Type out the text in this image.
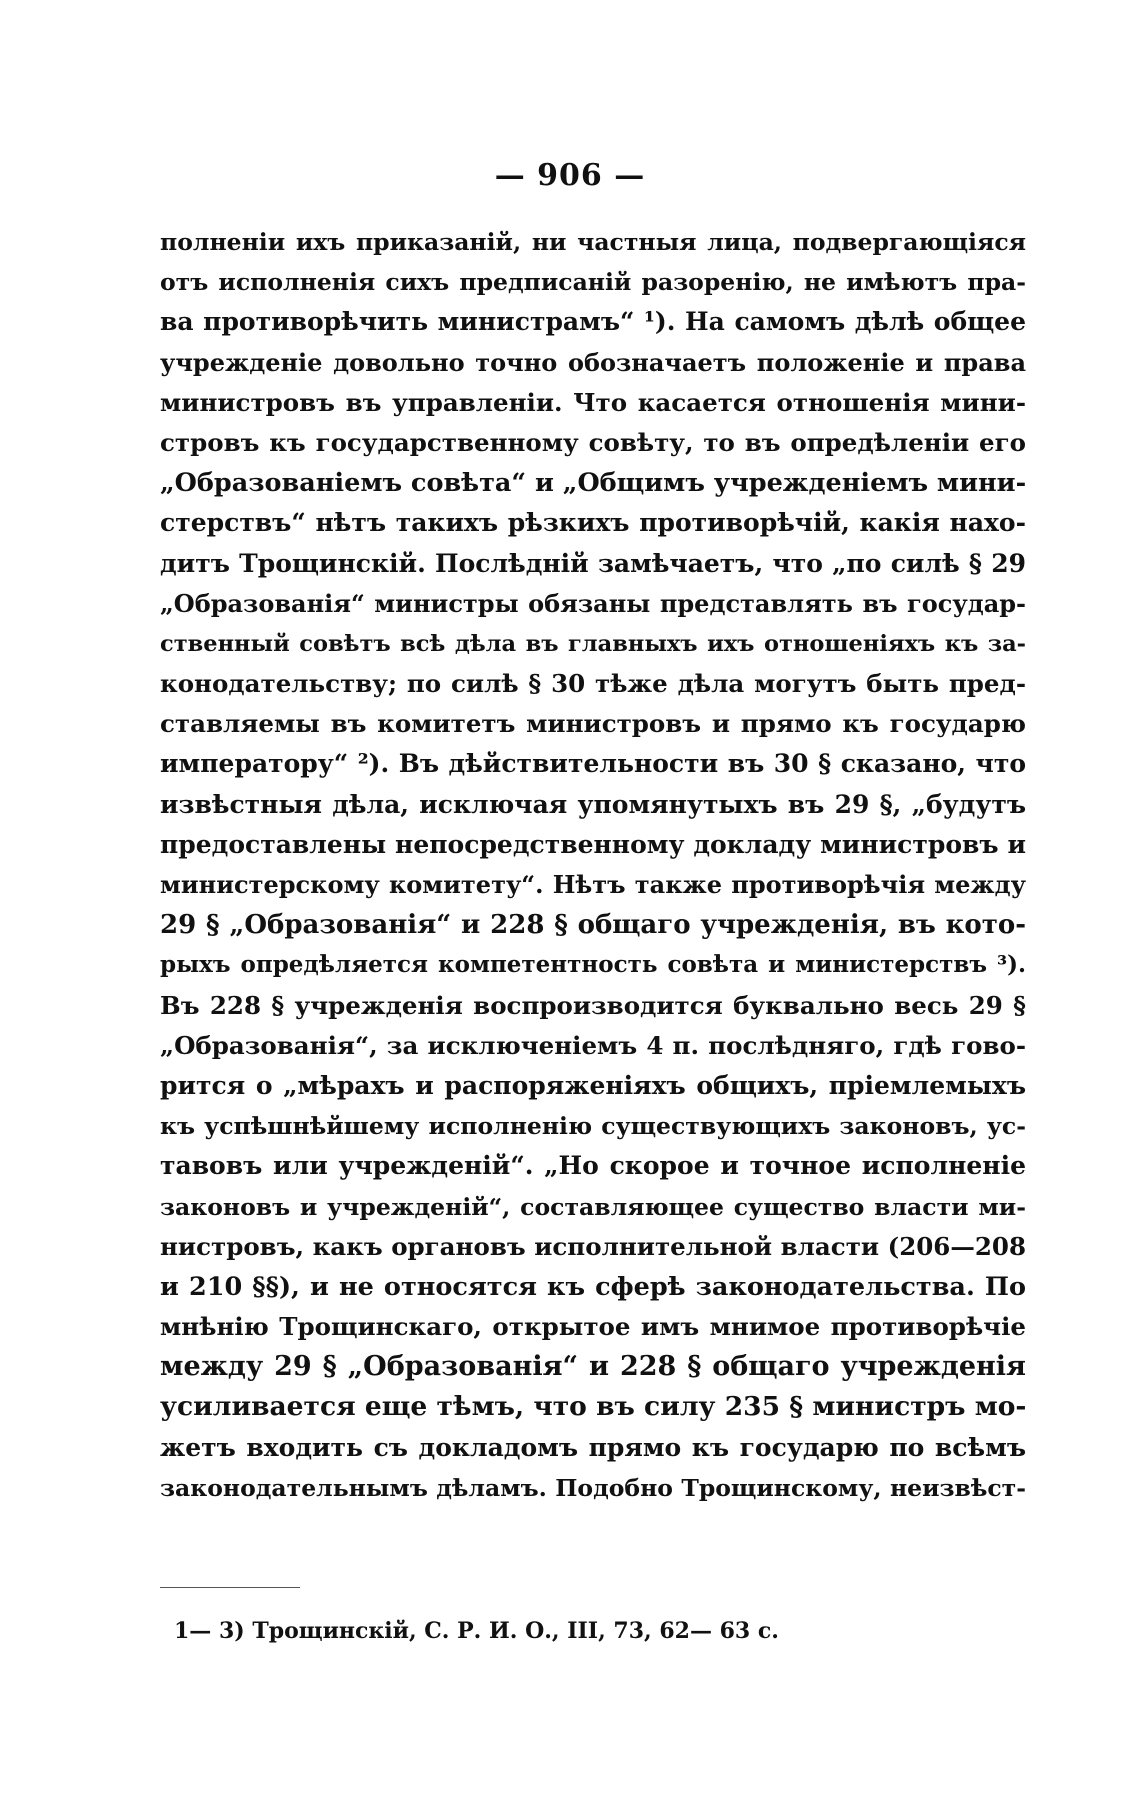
— 906 —
полненіи ихъ приказаній, ни частныя лица, подвергающіяся
отъ исполненія сихъ предписаній разоренію, не имѣютъ пра-
ва противорѣчить министрамъ“ ¹). На самомъ дѣлѣ общее
учрежденіе довольно точно обозначаетъ положеніе и права
министровъ въ управленіи. Что касается отношенія мини-
стровъ къ государственному совѣту, то въ опредѣленіи его
„Образованіемъ совѣта“ и „Общимъ учрежденіемъ мини-
стерствъ“ нѣтъ такихъ рѣзкихъ противорѣчій, какія нахо-
дитъ Трощинскій. Послѣдній замѣчаетъ, что „по силѣ § 29
„Образованія“ министры обязаны представлять въ государ-
ственный совѣтъ всѣ дѣла въ главныхъ ихъ отношеніяхъ къ за-
конодательству; по силѣ § 30 тѣже дѣла могутъ быть пред-
ставляемы въ комитетъ министровъ и прямо къ государю
императору“ ²). Въ дѣйствительности въ 30 § сказано, что
извѣстныя дѣла, исключая упомянутыхъ въ 29 §, „будутъ
предоставлены непосредственному докладу министровъ и
министерскому комитету“. Нѣтъ также противорѣчія между
29 § „Образованія“ и 228 § общаго учрежденія, въ кото-
рыхъ опредѣляется компетентность совѣта и министерствъ ³).
Въ 228 § учрежденія воспроизводится буквально весь 29 §
„Образованія“, за исключеніемъ 4 п. послѣдняго, гдѣ гово-
рится о „мѣрахъ и распоряженіяхъ общихъ, пріемлемыхъ
къ успѣшнѣйшему исполненію существующихъ законовъ, ус-
тавовъ или учрежденій“. „Но скорое и точное исполненіе
законовъ и учрежденій“, составляющее существо власти ми-
нистровъ, какъ органовъ исполнительной власти (206—208
и 210 §§), и не относятся къ сферѣ законодательства. По
мнѣнію Трощинскаго, открытое имъ мнимое противорѣчіе
между 29 § „Образованія“ и 228 § общаго учрежденія
усиливается еще тѣмъ, что въ силу 235 § министръ мо-
жетъ входить съ докладомъ прямо къ государю по всѣмъ
законодательнымъ дѣламъ. Подобно Трощинскому, неизвѣст-
1— 3) Трощинскій, С. Р. И. О., III, 73, 62— 63 с.
